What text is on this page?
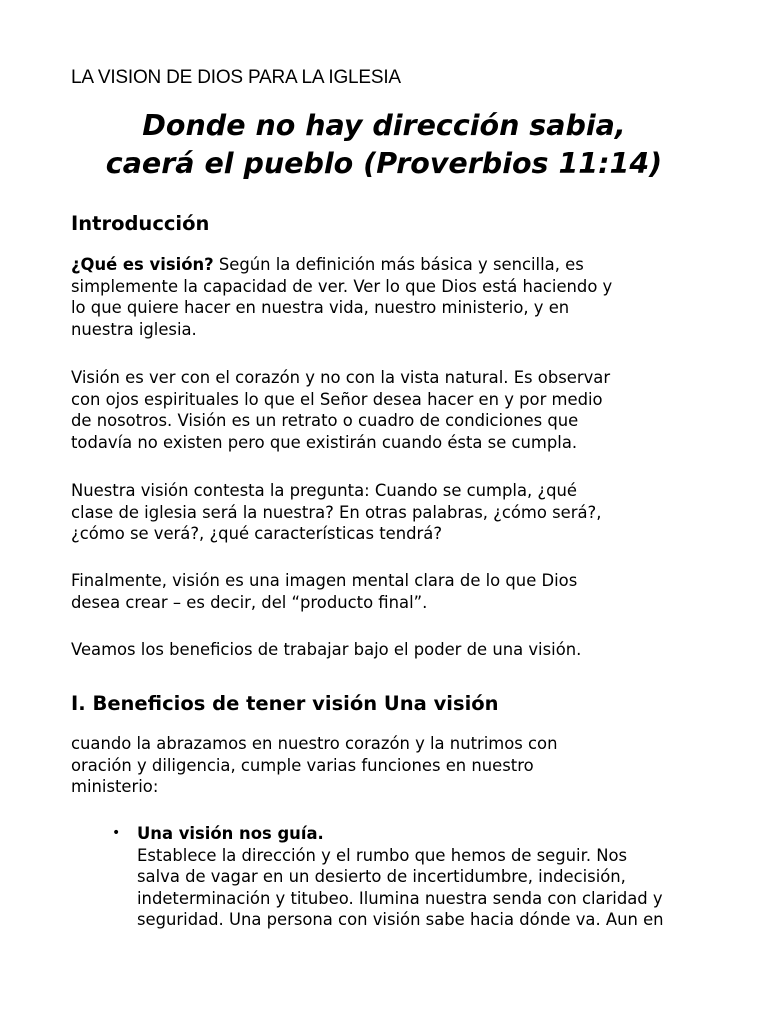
LA VISION DE DIOS PARA LA IGLESIA
Donde no hay dirección sabia,
caerá el pueblo (Proverbios 11:14)
Introducción

¿Qué es visión? Según la definición más básica y sencilla, es
simplemente la capacidad de ver. Ver lo que Dios está haciendo y
lo que quiere hacer en nuestra vida, nuestro ministerio, y en
nuestra iglesia.

Visión es ver con el corazón y no con la vista natural. Es observar
con ojos espirituales lo que el Señor desea hacer en y por medio
de nosotros. Visión es un retrato o cuadro de condiciones que
todavía no existen pero que existirán cuando ésta se cumpla.

Nuestra visión contesta la pregunta: Cuando se cumpla, ¿qué
clase de iglesia será la nuestra? En otras palabras, ¿cómo será?,
¿cómo se verá?, ¿qué características tendrá?

Finalmente, visión es una imagen mental clara de lo que Dios
desea crear – es decir, del “producto final”.

Veamos los beneficios de trabajar bajo el poder de una visión.

I. Beneficios de tener visión Una visión

cuando la abrazamos en nuestro corazón y la nutrimos con
oración y diligencia, cumple varias funciones en nuestro
ministerio:

• Una visión nos guía.
Establece la dirección y el rumbo que hemos de seguir. Nos
salva de vagar en un desierto de incertidumbre, indecisión,
indeterminación y titubeo. Ilumina nuestra senda con claridad y
seguridad. Una persona con visión sabe hacia dónde va. Aun en
